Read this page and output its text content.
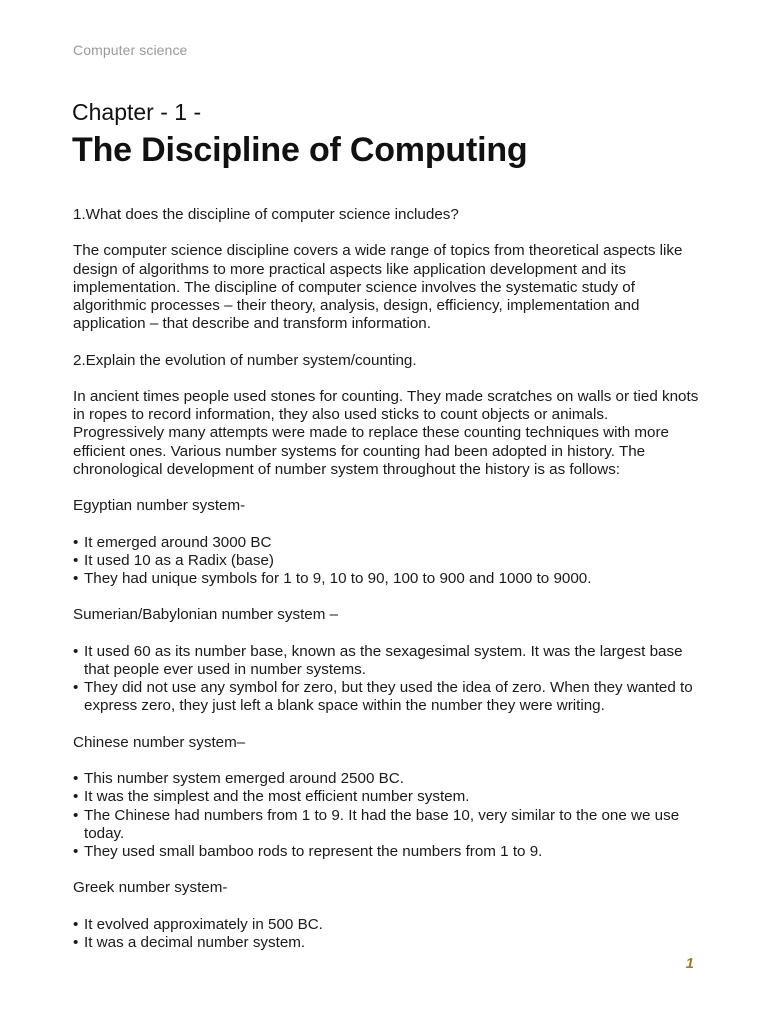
Computer science
Chapter - 1 -
The Discipline of Computing

1.What does the discipline of computer science includes?

The computer science discipline covers a wide range of topics from theoretical aspects like design of algorithms to more practical aspects like application development and its implementation. The discipline of computer science involves the systematic study of algorithmic processes – their theory, analysis, design, efficiency, implementation and application – that describe and transform information.

2.Explain the evolution of number system/counting.

In ancient times people used stones for counting. They made scratches on walls or tied knots in ropes to record information, they also used sticks to count objects or animals. Progressively many attempts were made to replace these counting techniques with more efficient ones. Various number systems for counting had been adopted in history. The chronological development of number system throughout the history is as follows:

Egyptian number system-

• It emerged around 3000 BC
• It used 10 as a Radix (base)
• They had unique symbols for 1 to 9, 10 to 90, 100 to 900 and 1000 to 9000.

Sumerian/Babylonian number system –

• It used 60 as its number base, known as the sexagesimal system. It was the largest base that people ever used in number systems.
• They did not use any symbol for zero, but they used the idea of zero. When they wanted to express zero, they just left a blank space within the number they were writing.

Chinese number system–

• This number system emerged around 2500 BC.
• It was the simplest and the most efficient number system.
• The Chinese had numbers from 1 to 9. It had the base 10, very similar to the one we use today.
• They used small bamboo rods to represent the numbers from 1 to 9.

Greek number system-

• It evolved approximately in 500 BC.
• It was a decimal number system.
1
